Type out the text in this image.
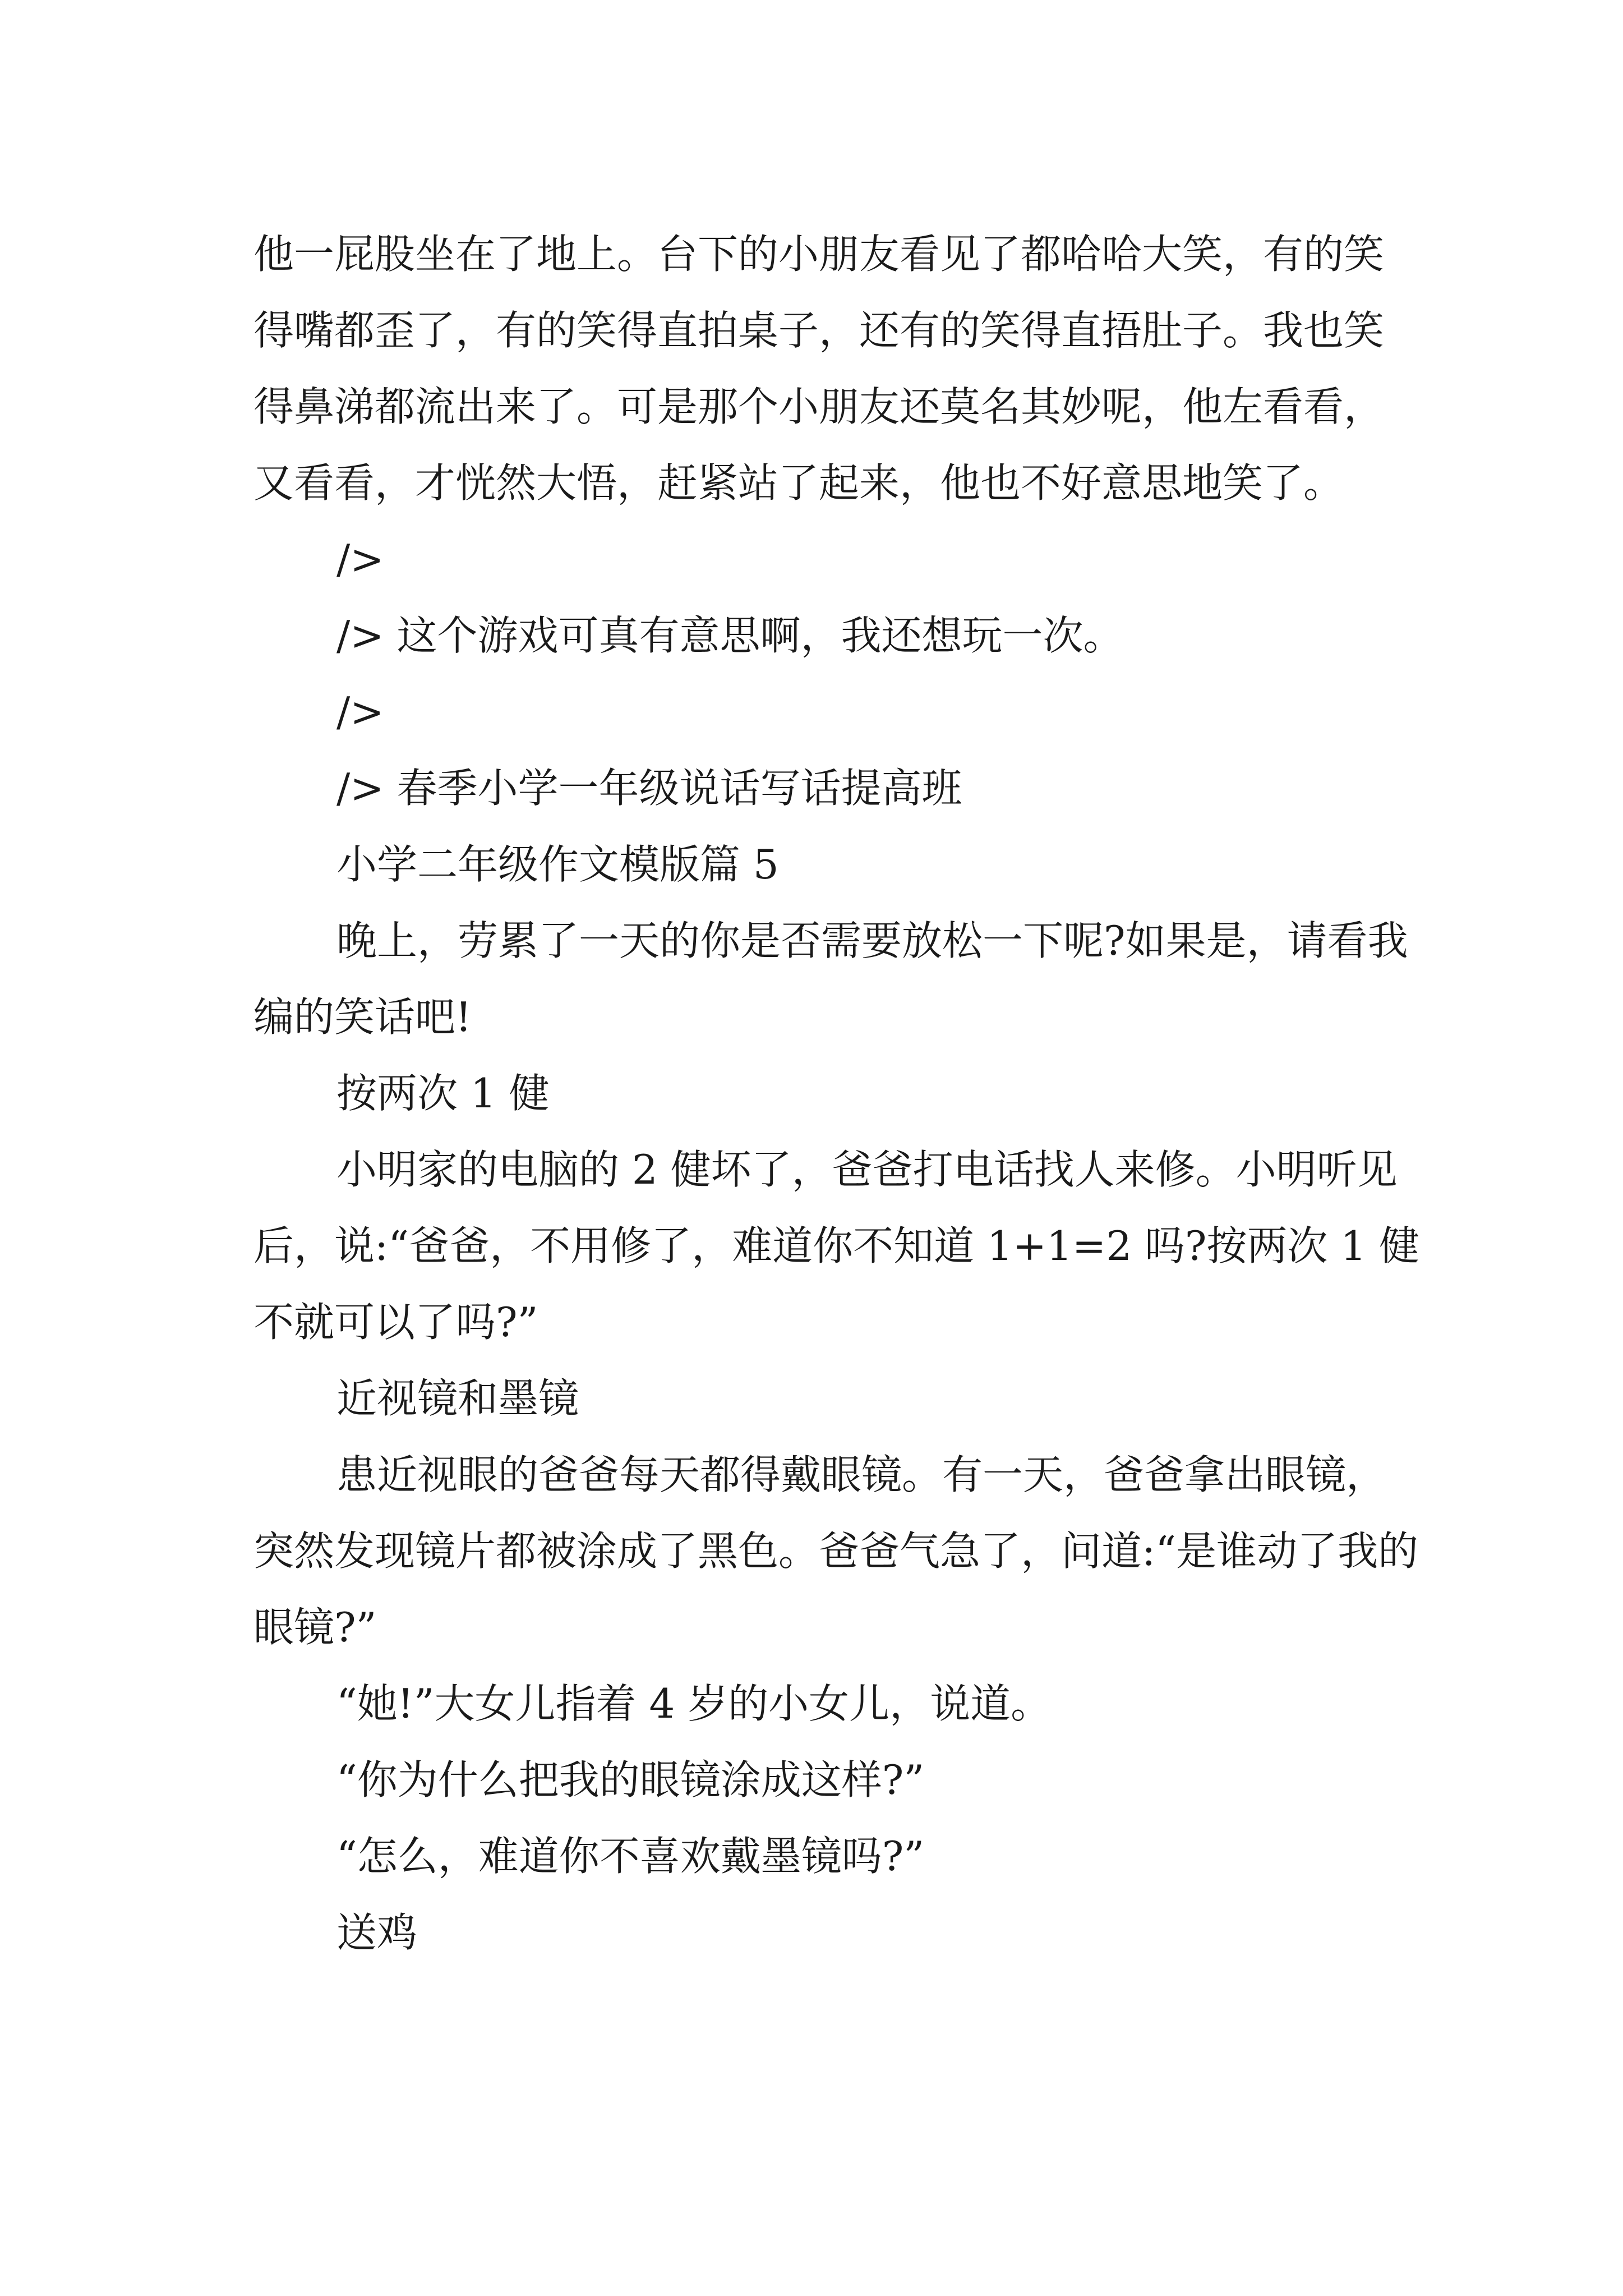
他一屁股坐在了地上。台下的小朋友看见了都哈哈大笑，有的笑得嘴都歪了，有的笑得直拍桌子，还有的笑得直捂肚子。我也笑得鼻涕都流出来了。可是那个小朋友还莫名其妙呢，他左看看，又看看，才恍然大悟，赶紧站了起来，他也不好意思地笑了。

/>

/> 这个游戏可真有意思啊，我还想玩一次。

/>

/> 春季小学一年级说话写话提高班

小学二年级作文模版篇 5

晚上，劳累了一天的你是否需要放松一下呢?如果是，请看我编的笑话吧!

按两次 1 健

小明家的电脑的 2 健坏了，爸爸打电话找人来修。小明听见后，说:“爸爸，不用修了，难道你不知道 1+1=2 吗?按两次 1 健不就可以了吗?”

近视镜和墨镜

患近视眼的爸爸每天都得戴眼镜。有一天，爸爸拿出眼镜，突然发现镜片都被涂成了黑色。爸爸气急了，问道:“是谁动了我的眼镜?”

“她!”大女儿指着 4 岁的小女儿，说道。

“你为什么把我的眼镜涂成这样?”

“怎么，难道你不喜欢戴墨镜吗?”

送鸡
